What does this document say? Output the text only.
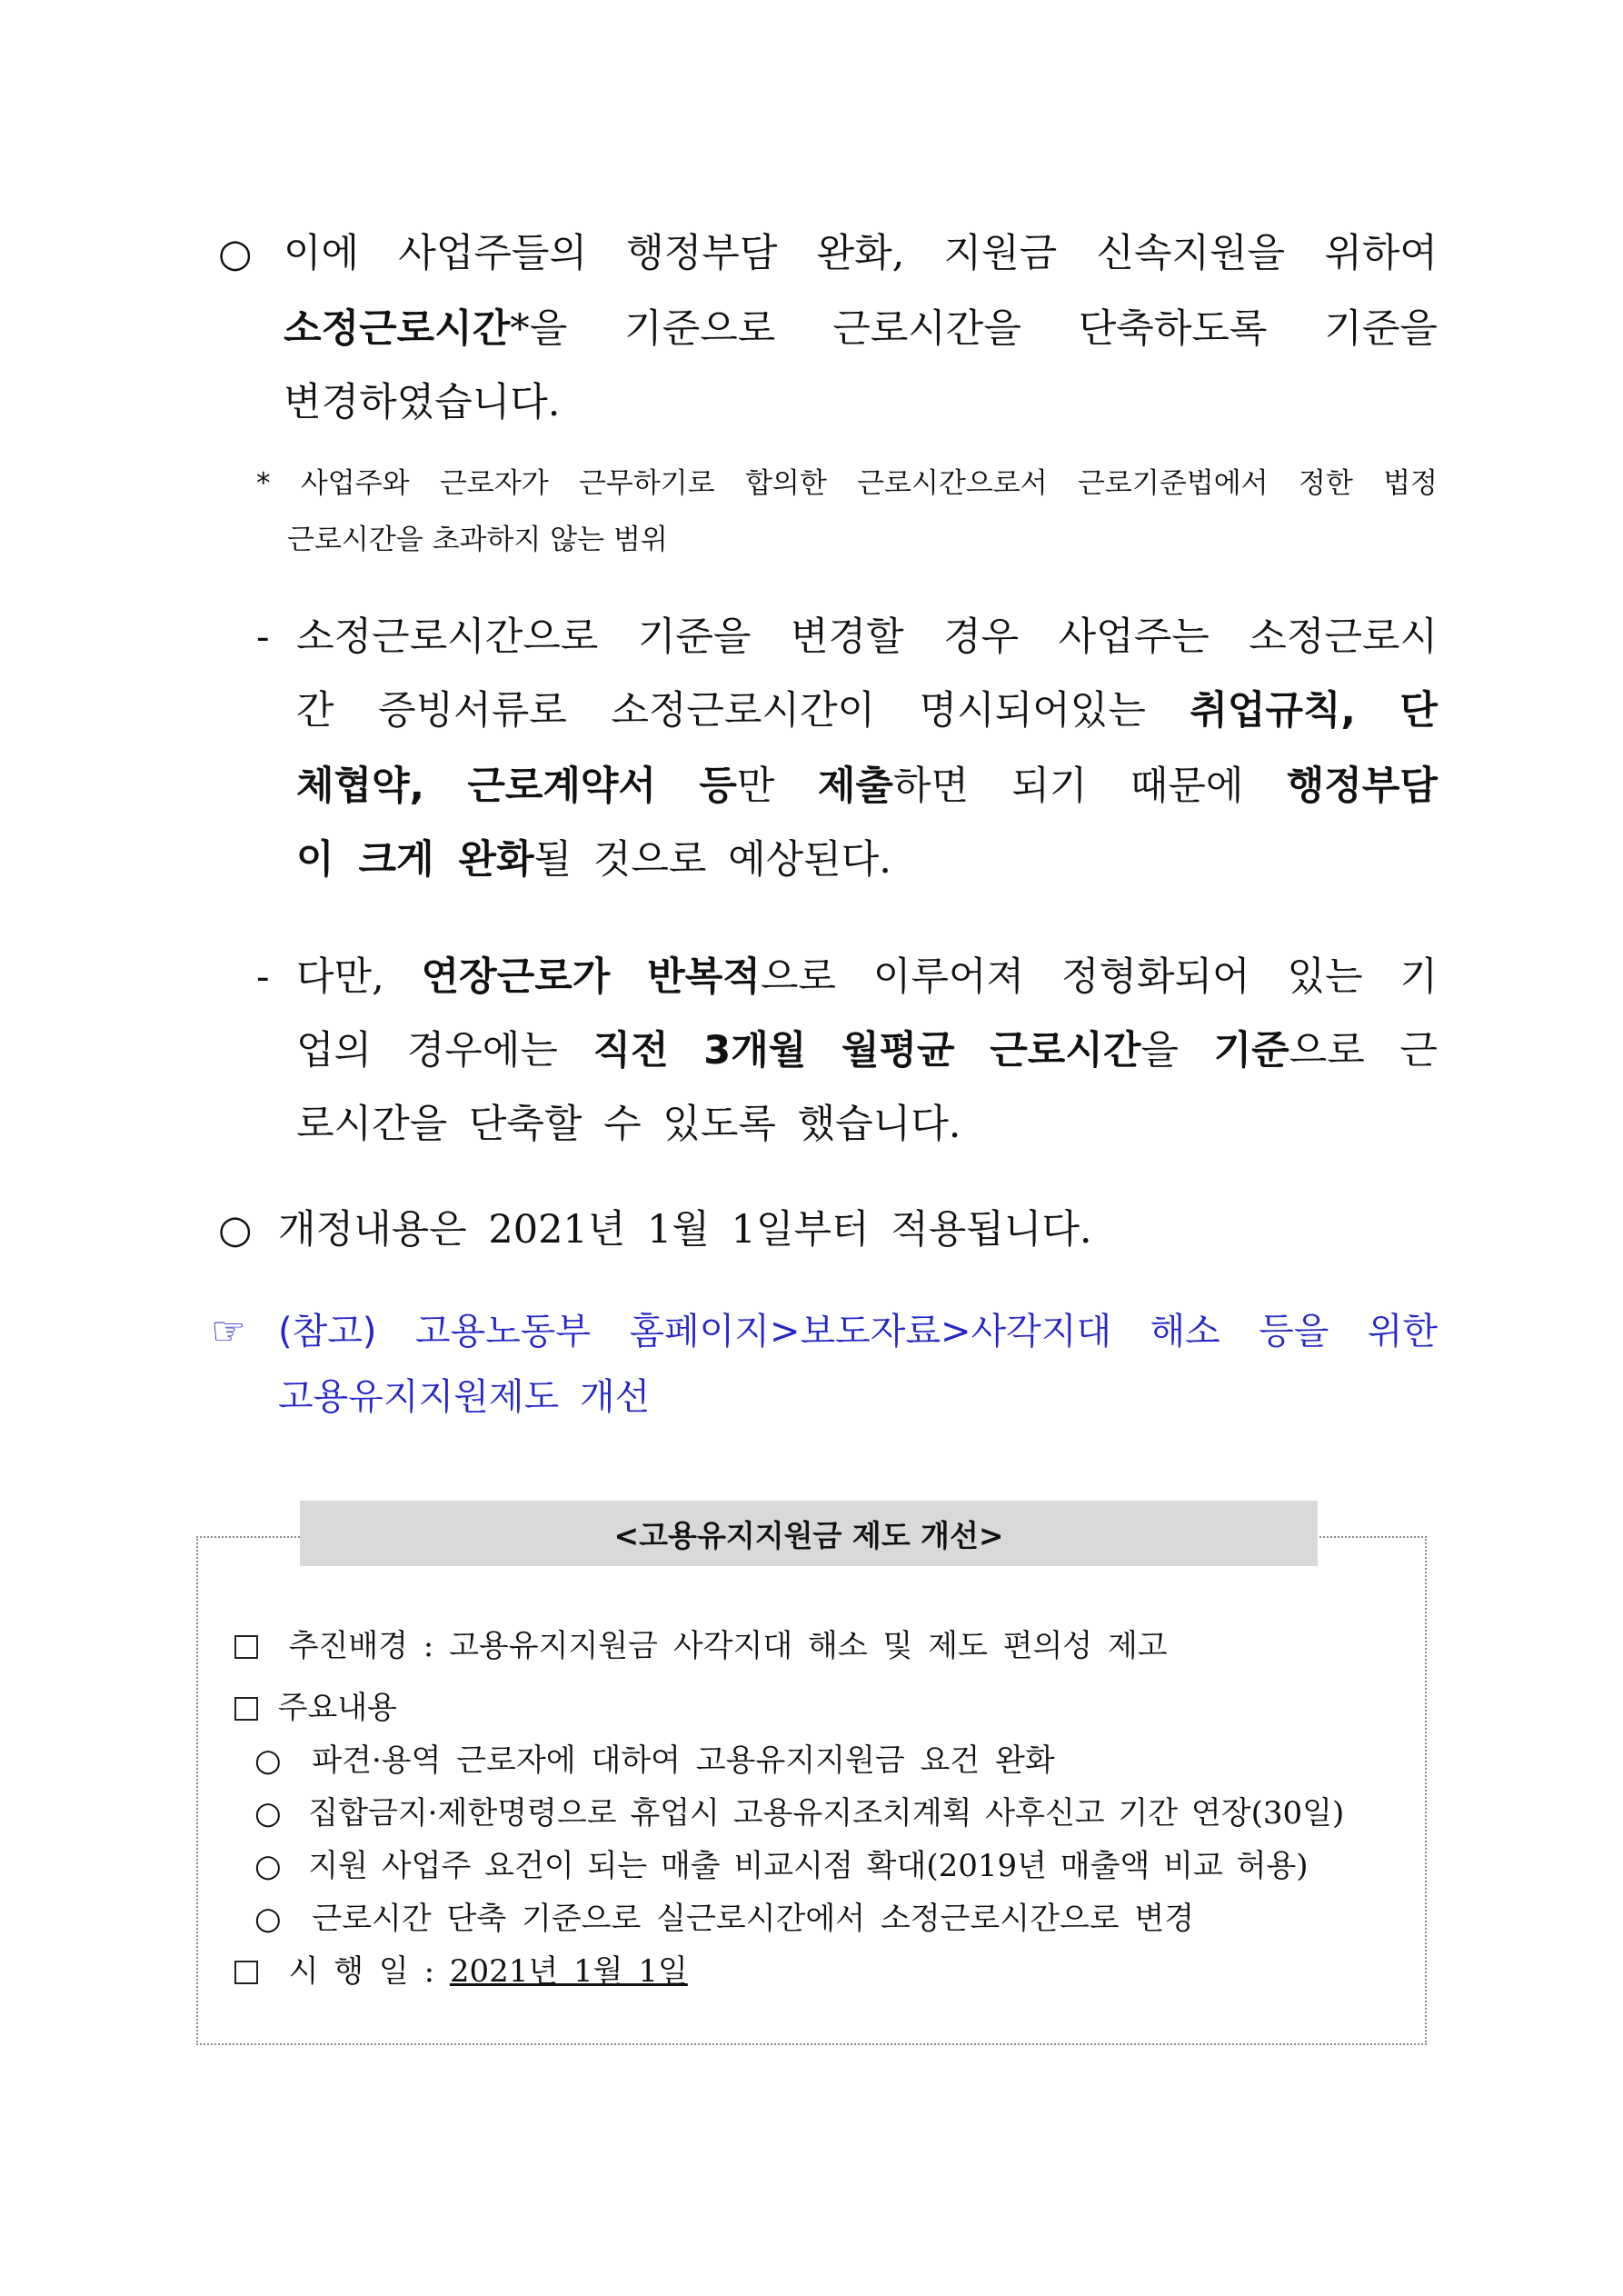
○ 이에 사업주들의 행정부담 완화, 지원금 신속지원을 위하여
소정근로시간*을 기준으로 근로시간을 단축하도록 기준을
변경하였습니다.
* 사업주와 근로자가 근무하기로 합의한 근로시간으로서 근로기준법에서 정한 법정
근로시간을 초과하지 않는 범위
- 소정근로시간으로 기준을 변경할 경우 사업주는 소정근로시
간 증빙서류로 소정근로시간이 명시되어있는 취업규칙, 단
체협약, 근로계약서 등만 제출하면 되기 때문에 행정부담
이 크게 완화될 것으로 예상된다.
- 다만, 연장근로가 반복적으로 이루어져 정형화되어 있는 기
업의 경우에는 직전 3개월 월평균 근로시간을 기준으로 근
로시간을 단축할 수 있도록 했습니다.
○ 개정내용은 2021년 1월 1일부터 적용됩니다.
☞ (참고) 고용노동부 홈페이지>보도자료>사각지대 해소 등을 위한
고용유지지원제도 개선
<고용유지지원금 제도 개선>
추진배경 : 고용유지지원금 사각지대 해소 및 제도 편의성 제고
주요내용
○ 파견·용역 근로자에 대하여 고용유지지원금 요건 완화
○ 집합금지·제한명령으로 휴업시 고용유지조치계획 사후신고 기간 연장(30일)
○ 지원 사업주 요건이 되는 매출 비교시점 확대(2019년 매출액 비교 허용)
○ 근로시간 단축 기준으로 실근로시간에서 소정근로시간으로 변경
시 행 일 : 2021년 1월 1일
